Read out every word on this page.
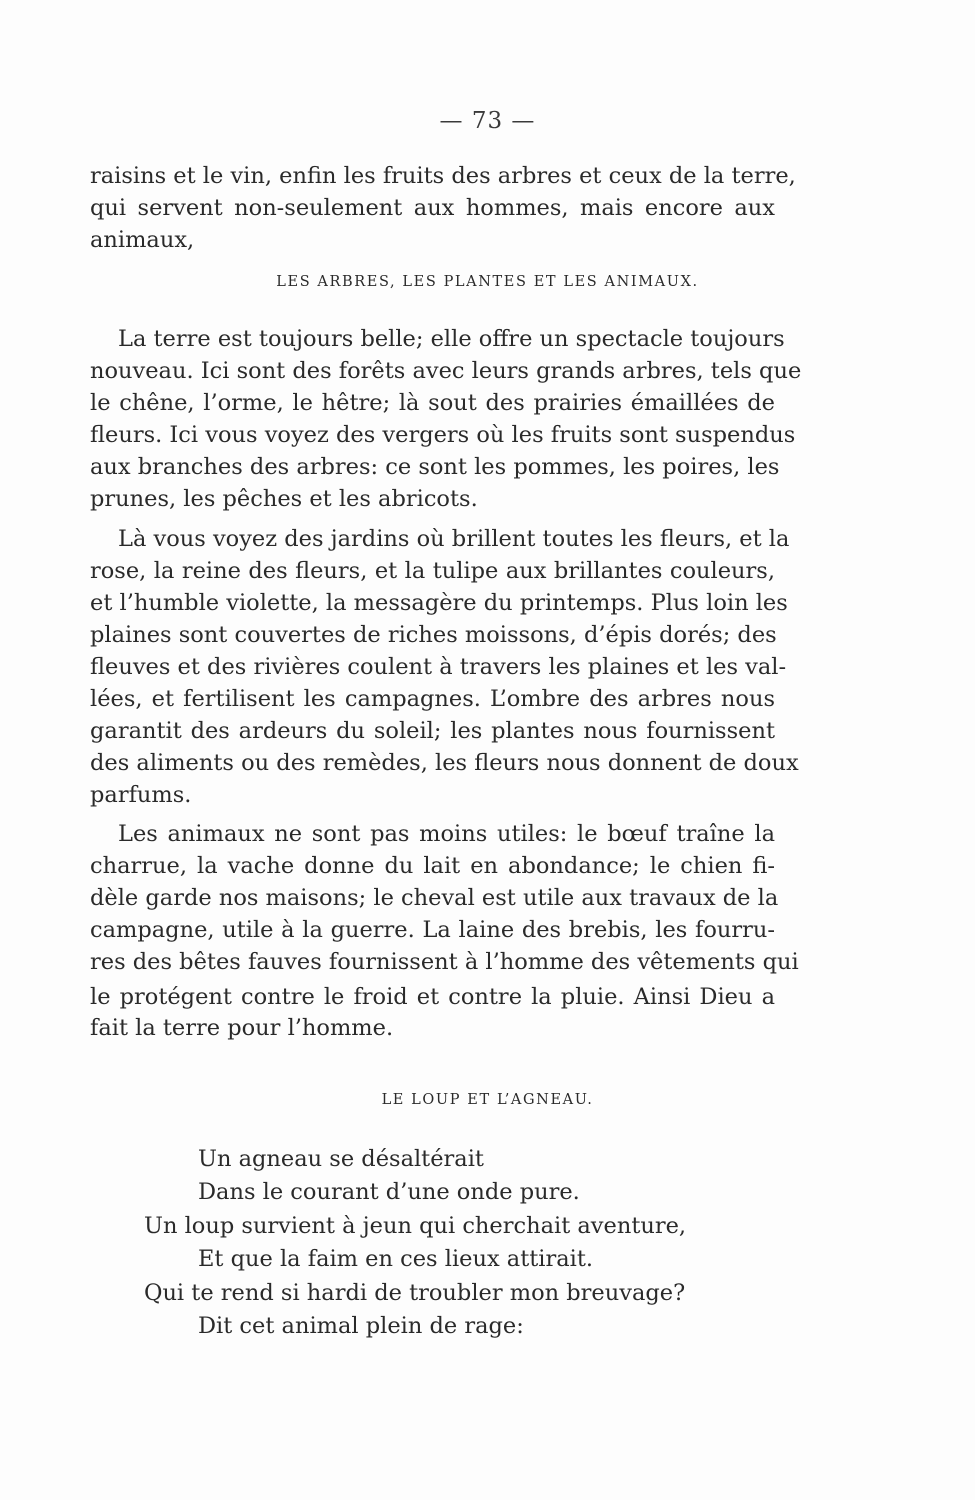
— 73 —
raisins et le vin, enfin les fruits des arbres et ceux de la terre,
qui servent non-seulement aux hommes, mais encore aux
animaux,
LES ARBRES, LES PLANTES ET LES ANIMAUX.
La terre est toujours belle; elle offre un spectacle toujours
nouveau. Ici sont des forêts avec leurs grands arbres, tels que
le chêne, l’orme, le hêtre; là sout des prairies émaillées de
fleurs. Ici vous voyez des vergers où les fruits sont suspendus
aux branches des arbres: ce sont les pommes, les poires, les
prunes, les pêches et les abricots.
Là vous voyez des jardins où brillent toutes les fleurs, et la
rose, la reine des fleurs, et la tulipe aux brillantes couleurs,
et l’humble violette, la messagère du printemps. Plus loin les
plaines sont couvertes de riches moissons, d’épis dorés; des
fleuves et des rivières coulent à travers les plaines et les val-
lées, et fertilisent les campagnes. L’ombre des arbres nous
garantit des ardeurs du soleil; les plantes nous fournissent
des aliments ou des remèdes, les fleurs nous donnent de doux
parfums.
Les animaux ne sont pas moins utiles: le bœuf traîne la
charrue, la vache donne du lait en abondance; le chien fi-
dèle garde nos maisons; le cheval est utile aux travaux de la
campagne, utile à la guerre. La laine des brebis, les fourru-
res des bêtes fauves fournissent à l’homme des vêtements qui
le protégent contre le froid et contre la pluie. Ainsi Dieu a
fait la terre pour l’homme.
LE LOUP ET L’AGNEAU.
Un agneau se désaltérait
Dans le courant d’une onde pure.
Un loup survient à jeun qui cherchait aventure,
Et que la faim en ces lieux attirait.
Qui te rend si hardi de troubler mon breuvage?
Dit cet animal plein de rage:
